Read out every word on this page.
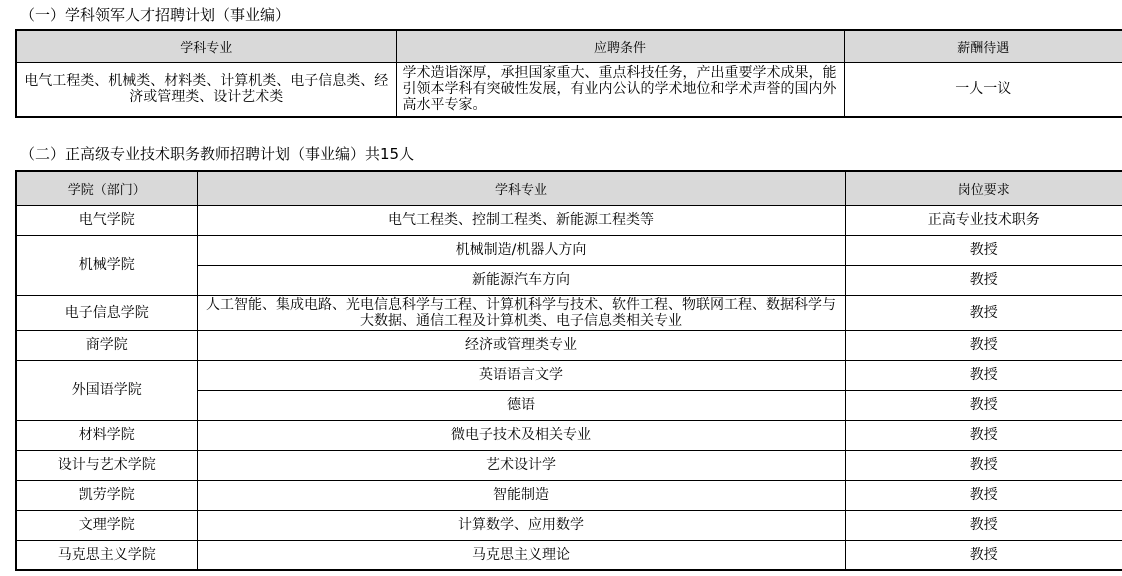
（一）学科领军人才招聘计划（事业编）
学科专业	应聘条件	薪酬待遇
电气工程类、机械类、材料类、计算机类、电子信息类、经济或管理类、设计艺术类	学术造诣深厚，承担国家重大、重点科技任务，产出重要学术成果，能引领本学科有突破性发展，有业内公认的学术地位和学术声誉的国内外高水平专家。	一人一议
（二）正高级专业技术职务教师招聘计划（事业编）共15人
学院（部门）	学科专业	岗位要求
电气学院	电气工程类、控制工程类、新能源工程类等	正高专业技术职务
机械学院	机械制造/机器人方向	教授
	新能源汽车方向	教授
电子信息学院	人工智能、集成电路、光电信息科学与工程、计算机科学与技术、软件工程、物联网工程、数据科学与大数据、通信工程及计算机类、电子信息类相关专业	教授
商学院	经济或管理类专业	教授
外国语学院	英语语言文学	教授
	德语	教授
材料学院	微电子技术及相关专业	教授
设计与艺术学院	艺术设计学	教授
凯劳学院	智能制造	教授
文理学院	计算数学、应用数学	教授
马克思主义学院	马克思主义理论	教授
